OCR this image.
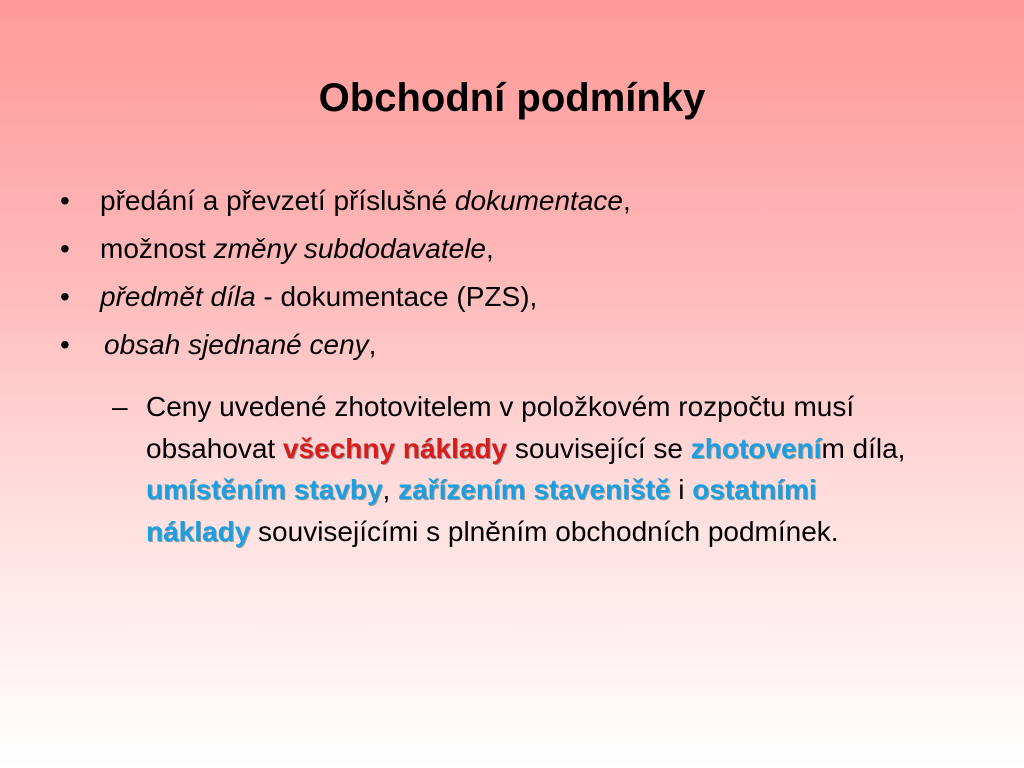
Obchodní podmínky
•	předání a převzetí příslušné dokumentace,
•	možnost změny subdodavatele,
•	předmět díla - dokumentace (PZS),
•	obsah sjednané ceny,
– Ceny uvedené zhotovitelem v položkovém rozpočtu musí obsahovat všechny náklady související se zhotovením díla, umístěním stavby, zařízením staveniště i ostatními náklady souvisejícími s plněním obchodních podmínek.
